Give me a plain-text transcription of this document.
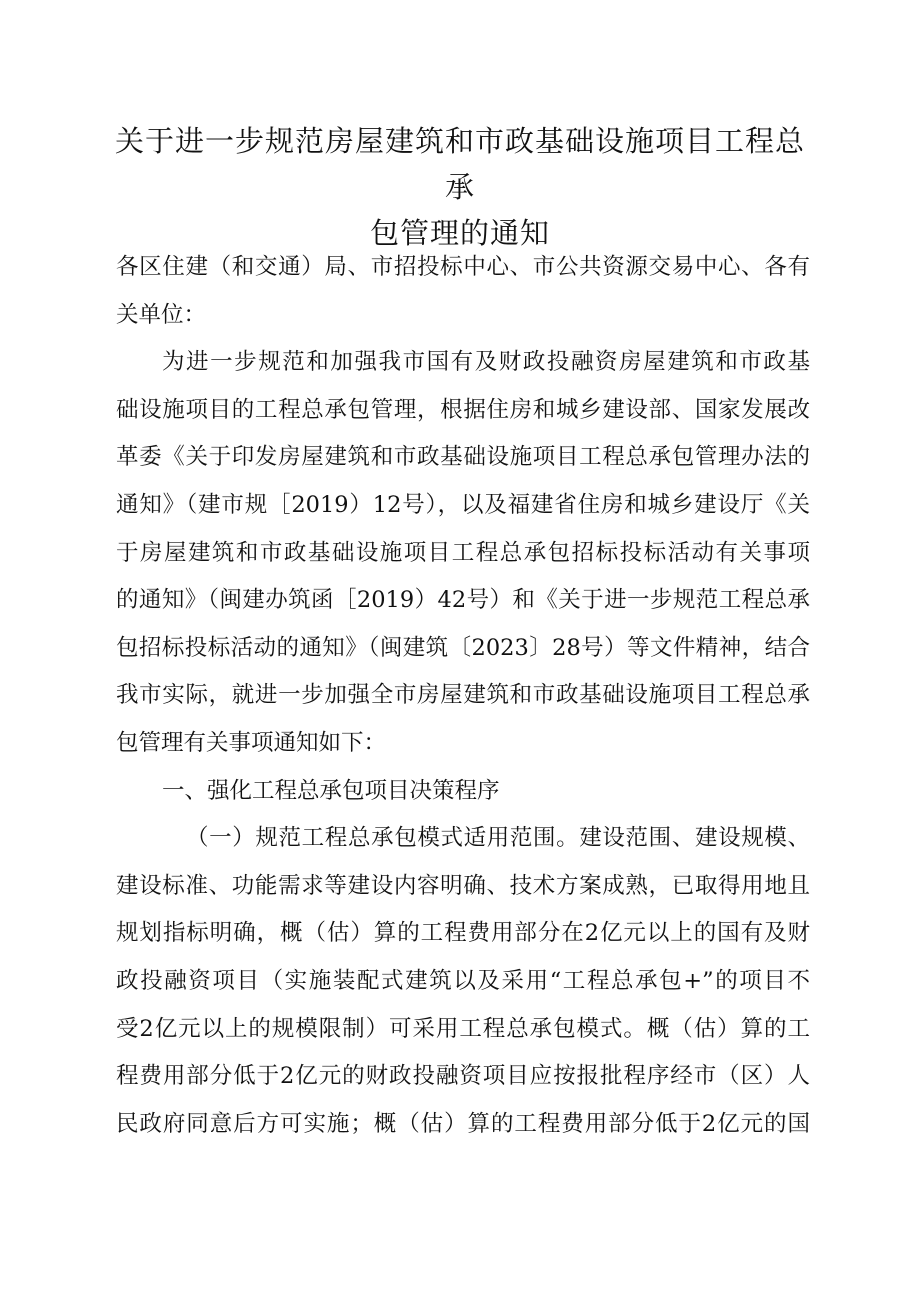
关于进一步规范房屋建筑和市政基础设施项目工程总承
包管理的通知
各区住建（和交通）局、市招投标中心、市公共资源交易中心、各有
关单位：
为进一步规范和加强我市国有及财政投融资房屋建筑和市政基
础设施项目的工程总承包管理，根据住房和城乡建设部、国家发展改
革委《关于印发房屋建筑和市政基础设施项目工程总承包管理办法的
通知》（建市规［2019）12号），以及福建省住房和城乡建设厅《关
于房屋建筑和市政基础设施项目工程总承包招标投标活动有关事项
的通知》（闽建办筑函［2019）42号）和《关于进一步规范工程总承
包招标投标活动的通知》（闽建筑〔2023〕28号）等文件精神，结合
我市实际，就进一步加强全市房屋建筑和市政基础设施项目工程总承
包管理有关事项通知如下：
一、强化工程总承包项目决策程序
（一）规范工程总承包模式适用范围。建设范围、建设规模、
建设标准、功能需求等建设内容明确、技术方案成熟，已取得用地且
规划指标明确，概（估）算的工程费用部分在2亿元以上的国有及财
政投融资项目（实施装配式建筑以及采用“工程总承包+”的项目不
受2亿元以上的规模限制）可采用工程总承包模式。概（估）算的工
程费用部分低于2亿元的财政投融资项目应按报批程序经市（区）人
民政府同意后方可实施；概（估）算的工程费用部分低于2亿元的国
